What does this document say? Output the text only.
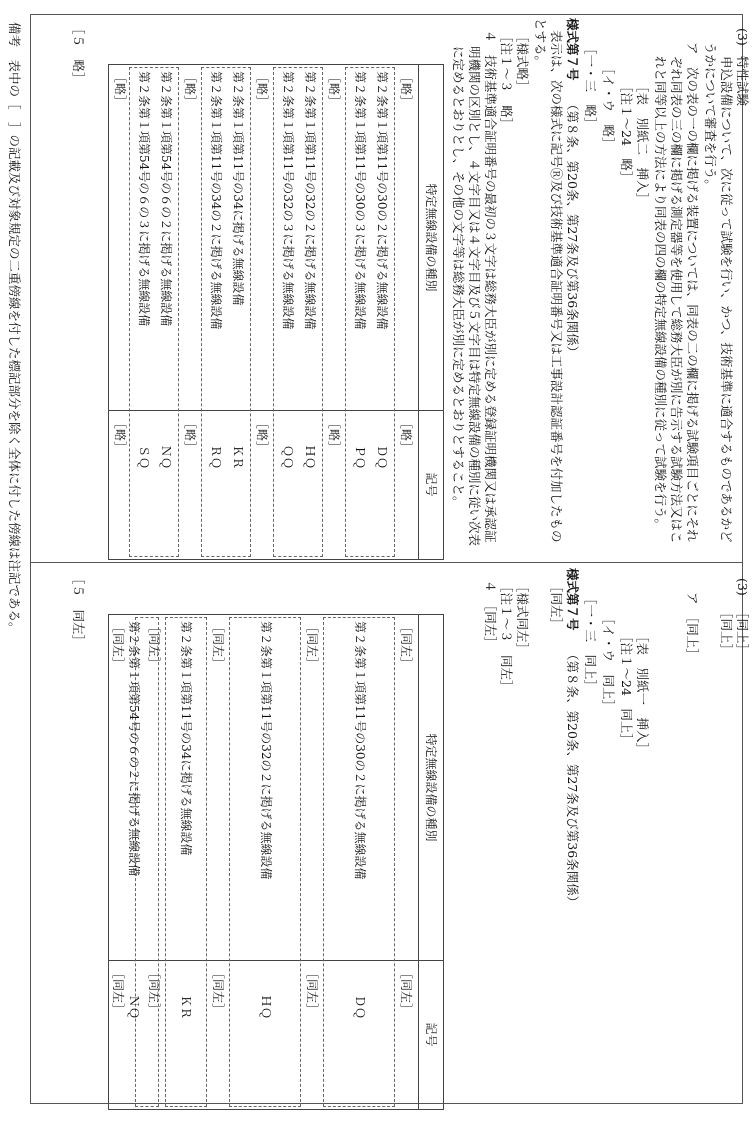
備考　表中の［　］の記載及び対象規定の二重傍線を付した標記部分を除く全体に付した傍線は注記である。	(3)
特性試験
申込設備について、次に従って試験を行い、かつ、技術基準に適合するものであるかど
うかについて審査を行う。
ア　次の表の一の欄に掲げる装置については、同表の二の欄に掲げる試験項目ごとにそれ
ぞれ同表の三の欄に掲げる測定器等を使用して総務大臣が別に告示する試験方法又はこ
れと同等以上の方法により同表の四の欄の特定無線設備の種別に従って試験を行う。
［表　別紙二　挿入］
［注１～24　略］
［イ・ウ　略］
［一・三　略］
様式第７号
（第８条、第20条、第27条及び第36条関係）
表示は、次の様式に記号Ⓡ及び技術基準適合証明番号又は工事設計認証番号を付加したもの
とする。
［様式略］
［注１～３　略］
４　技術基準適合証明番号の最初の３文字は総務大臣が別に定める登録証明機関又は承認証
明機関の区別とし、４文字目又は４文字目及び５文字目は特定無線設備の種別に従い次表
に定めるとおりとし、その他の文字等は総務大臣が別に定めるとおりとすること。
特定無線設備の種別
記号
［略］
［略］
第２条第１項第11号の30の２に掲げる無線設備
ＤＱ
第２条第１項第11号の30の３に掲げる無線設備
ＰＱ
［略］
［略］
第２条第１項第11号の32の２に掲げる無線設備
ＨＱ
第２条第１項第11号の32の３に掲げる無線設備
ＱＱ
［略］
［略］
第２条第１項第11号の34に掲げる無線設備
ＫＲ
第２条第１項第11号の34の２に掲げる無線設備
ＲＱ
［略］
［略］
第２条第１項第54号の６の２に掲げる無線設備
ＮＱ
第２条第１項第54号の６の３に掲げる無線設備
ＳＱ
［略］
［略］
［５　略］
(3)
［同上］
［同上］
ア　［同上］
［表　別紙一　挿入］
［注１～24　同上］
［イ・ウ　同上］
［一・三　同上］
様式第７号
（第８条、第20条、第27条及び第36条関係）
［同左］
［様式同左］
［注１～３　同左］
４　［同左］
特定無線設備の種別
記号
［同左］
［同左］
第２条第１項第11号の30の２に掲げる無線設備
ＤＱ
［同左］
［同左］
第２条第１項第11号の32の２に掲げる無線設備
ＨＱ
［同左］
［同左］
第２条第１項第11号の34に掲げる無線設備
ＫＲ
［同左］
［同左］
第２条第１項第54号の６の２に掲げる無線設備
ＮＱ
［同左］
［同左］
［５　同左］
